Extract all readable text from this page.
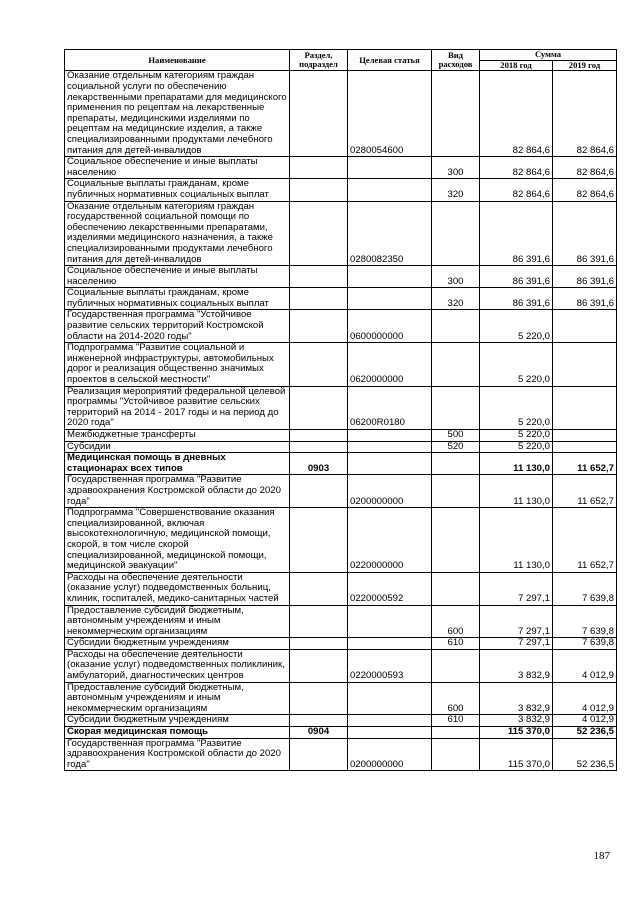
Наименование	Раздел, подраздел	Целевая статья	Вид расходов	Сумма	
				2018 год	2019 год
Оказание отдельным категориям граждан социальной услуги по обеспечению лекарственными препаратами для медицинского применения по рецептам на лекарственные препараты, медицинскими изделиями по рецептам на медицинские изделия, а также специализированными продуктами лечебного питания для детей-инвалидов		0280054600		82 864,6	82 864,6
Социальное обеспечение и иные выплаты населению			300	82 864,6	82 864,6
Социальные выплаты гражданам, кроме публичных нормативных социальных выплат			320	82 864,6	82 864,6
Оказание отдельным категориям граждан государственной социальной помощи по обеспечению лекарственными препаратами, изделиями медицинского назначения, а также специализированными продуктами лечебного питания для детей-инвалидов		0280082350		86 391,6	86 391,6
Социальное обеспечение и иные выплаты населению			300	86 391,6	86 391,6
Социальные выплаты гражданам, кроме публичных нормативных социальных выплат			320	86 391,6	86 391,6
Государственная программа "Устойчивое развитие сельских территорий Костромской области на 2014-2020 годы"		0600000000		5 220,0	
Подпрограмма "Развитие социальной и инженерной инфраструктуры, автомобильных дорог и реализация общественно значимых проектов в сельской местности"		0620000000		5 220,0	
Реализация мероприятий федеральной целевой программы "Устойчивое развитие сельских территорий на 2014 - 2017 годы и на период до 2020 года"		06200R0180		5 220,0	
Межбюджетные трансферты			500	5 220,0	
Субсидии			520	5 220,0	
Медицинская помощь в дневных стационарах всех типов	0903			11 130,0	11 652,7
Государственная программа "Развитие здравоохранения Костромской области до 2020 года"		0200000000		11 130,0	11 652,7
Подпрограмма "Совершенствование оказания специализированной, включая высокотехнологичную, медицинской помощи, скорой, в том числе скорой специализированной, медицинской помощи, медицинской эвакуации"		0220000000		11 130,0	11 652,7
Расходы на обеспечение деятельности (оказание услуг) подведомственных больниц, клиник, госпиталей, медико-санитарных частей		0220000592		7 297,1	7 639,8
Предоставление субсидий бюджетным, автономным учреждениям и иным некоммерческим организациям			600	7 297,1	7 639,8
Субсидии бюджетным учреждениям			610	7 297,1	7 639,8
Расходы на обеспечение деятельности (оказание услуг) подведомственных поликлиник, амбулаторий, диагностических центров		0220000593		3 832,9	4 012,9
Предоставление субсидий бюджетным, автономным учреждениям и иным некоммерческим организациям			600	3 832,9	4 012,9
Субсидии бюджетным учреждениям			610	3 832,9	4 012,9
Скорая медицинская помощь	0904			115 370,0	52 236,5
Государственная программа "Развитие здравоохранения Костромской области до 2020 года"		0200000000		115 370,0	52 236,5
187
